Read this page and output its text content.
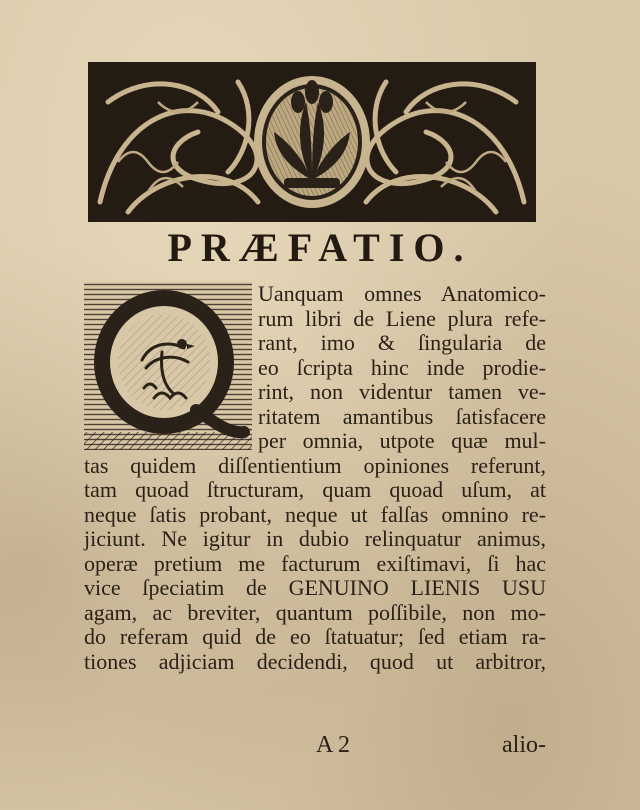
PRÆFATIO.
Uanquam omnes Anatomico-
rum libri de Liene plura refe-
rant, imo & ſingularia de
eo ſcripta hinc inde prodie-
rint, non videntur tamen ve-
ritatem amantibus ſatisfacere
per omnia, utpote quæ mul-
tas quidem diſſentientium opiniones referunt,
tam quoad ſtructuram, quam quoad uſum, at
neque ſatis probant, neque ut falſas omnino re-
jiciunt. Ne igitur in dubio relinquatur animus,
operæ pretium me facturum exiſtimavi, ſi hac
vice ſpeciatim de GENUINO LIENIS USU
agam, ac breviter, quantum poſſibile, non mo-
do referam quid de eo ſtatuatur; ſed etiam ra-
tiones adjiciam decidendi, quod ut arbitror,
A 2	alio-
